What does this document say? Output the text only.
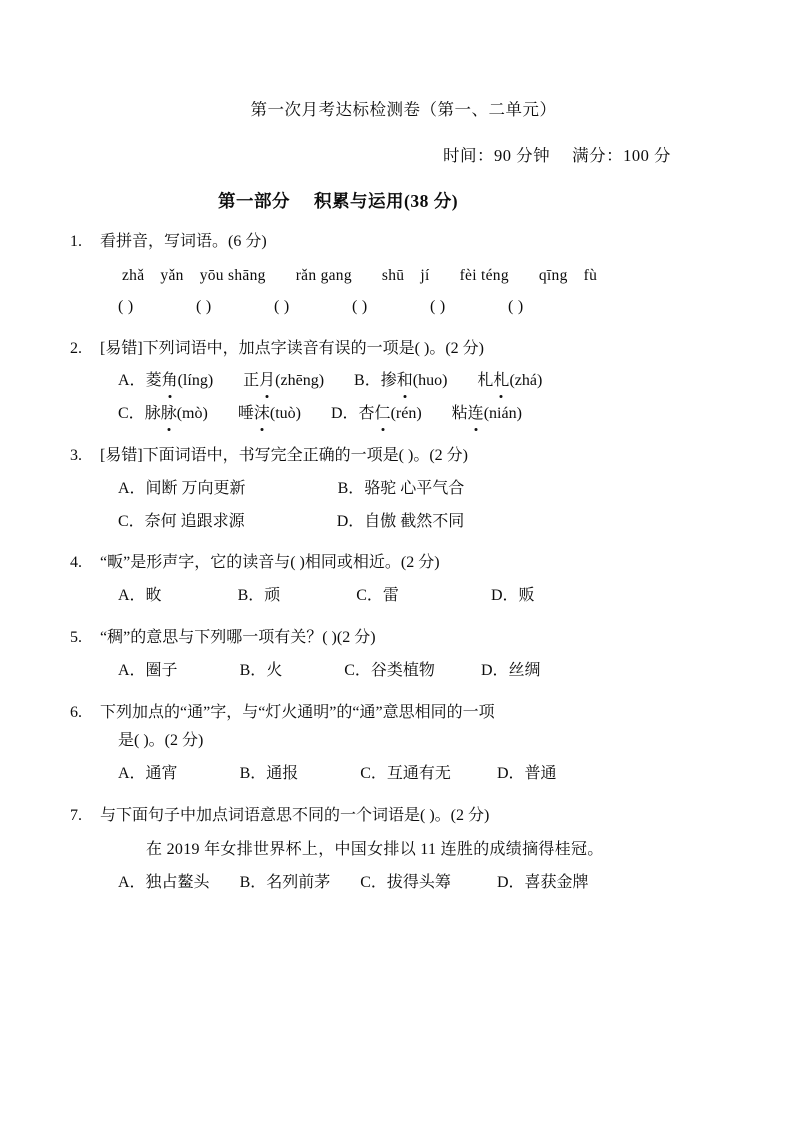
第一次月考达标检测卷（第一、二单元）
时间：90 分钟 满分：100 分
第一部分 积累与运用(38 分)
1.	看拼音，写词语。(6 分)
zhǎ yǎn yōu shāng rǎn gang shū jí fèi téng qīng fù
( )	( )	( )	( )	( )	( )
2.	[易错]下列词语中，加点字读音有误的一项是( )。(2 分)
A．菱角(líng) 正月(zhēng) B．掺和(huo) 札札(zhá)
C．脉脉(mò) 唾沫(tuò) D．杏仁(rén) 粘连(nián)
3.	[易错]下面词语中，书写完全正确的一项是( )。(2 分)
A．间断 万向更新	B．骆驼 心平气合
C．奈何 追跟求源	D．自傲 截然不同
4.	“畈”是形声字，它的读音与( )相同或相近。(2 分)
A．畋	B．顽	C．雷	D．贩
5.	“稠”的意思与下列哪一项有关？( )(2 分)
A．圈子	B．火	C．谷类植物	D．丝绸
6.	下列加点的“通”字，与“灯火通明”的“通”意思相同的一项
是( )。(2 分)
A．通宵	B．通报	C．互通有无	D．普通
7.	与下面句子中加点词语意思不同的一个词语是( )。(2 分)
在 2019 年女排世界杯上，中国女排以 11 连胜的成绩摘得桂冠。
A．独占鳌头 B．名列前茅 C．拔得头筹	D．喜获金牌
